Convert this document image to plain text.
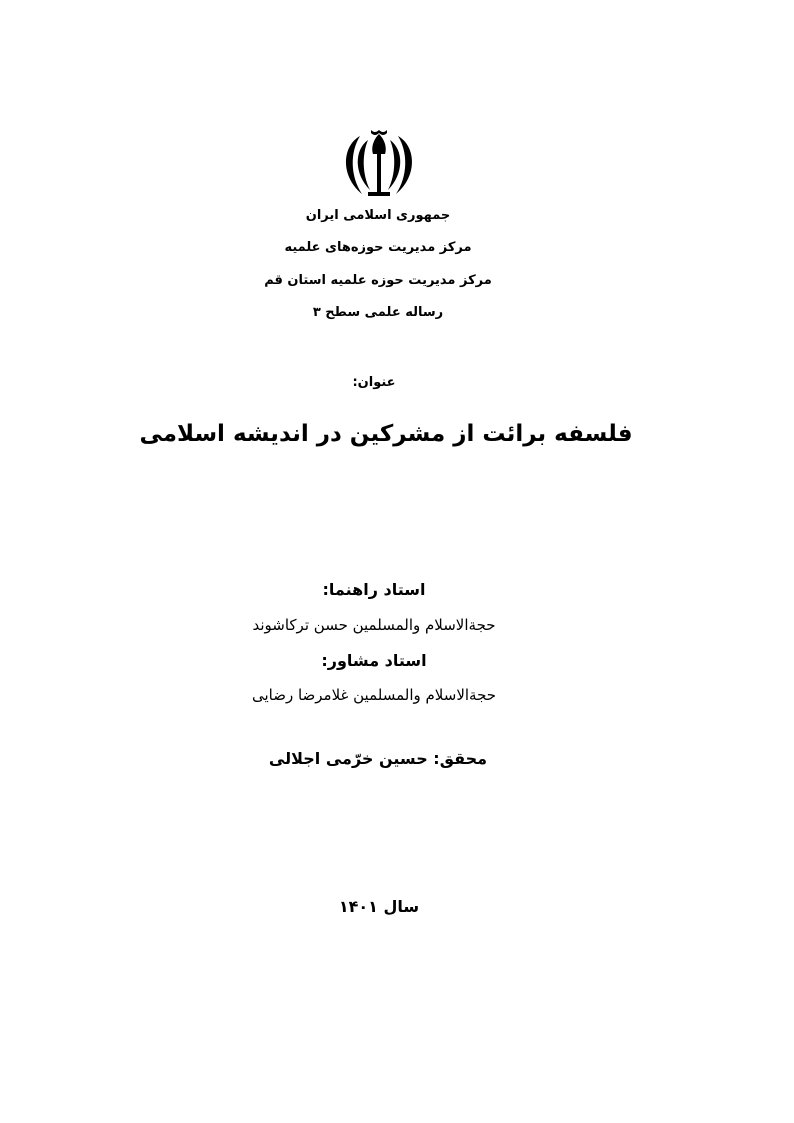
جمهوری اسلامی ایران
مرکز مدیریت حوزه‌های علمیه
مرکز مدیریت حوزه علمیه استان قم
رساله علمی سطح ۳
عنوان:
فلسفه برائت از مشرکین در اندیشه اسلامی
استاد راهنما:
حجةالاسلام والمسلمین حسن ترکاشوند
استاد مشاور:
حجةالاسلام والمسلمین غلامرضا رضایی
محقق: حسین خرّمی اجلالی
سال ۱۴۰۱
